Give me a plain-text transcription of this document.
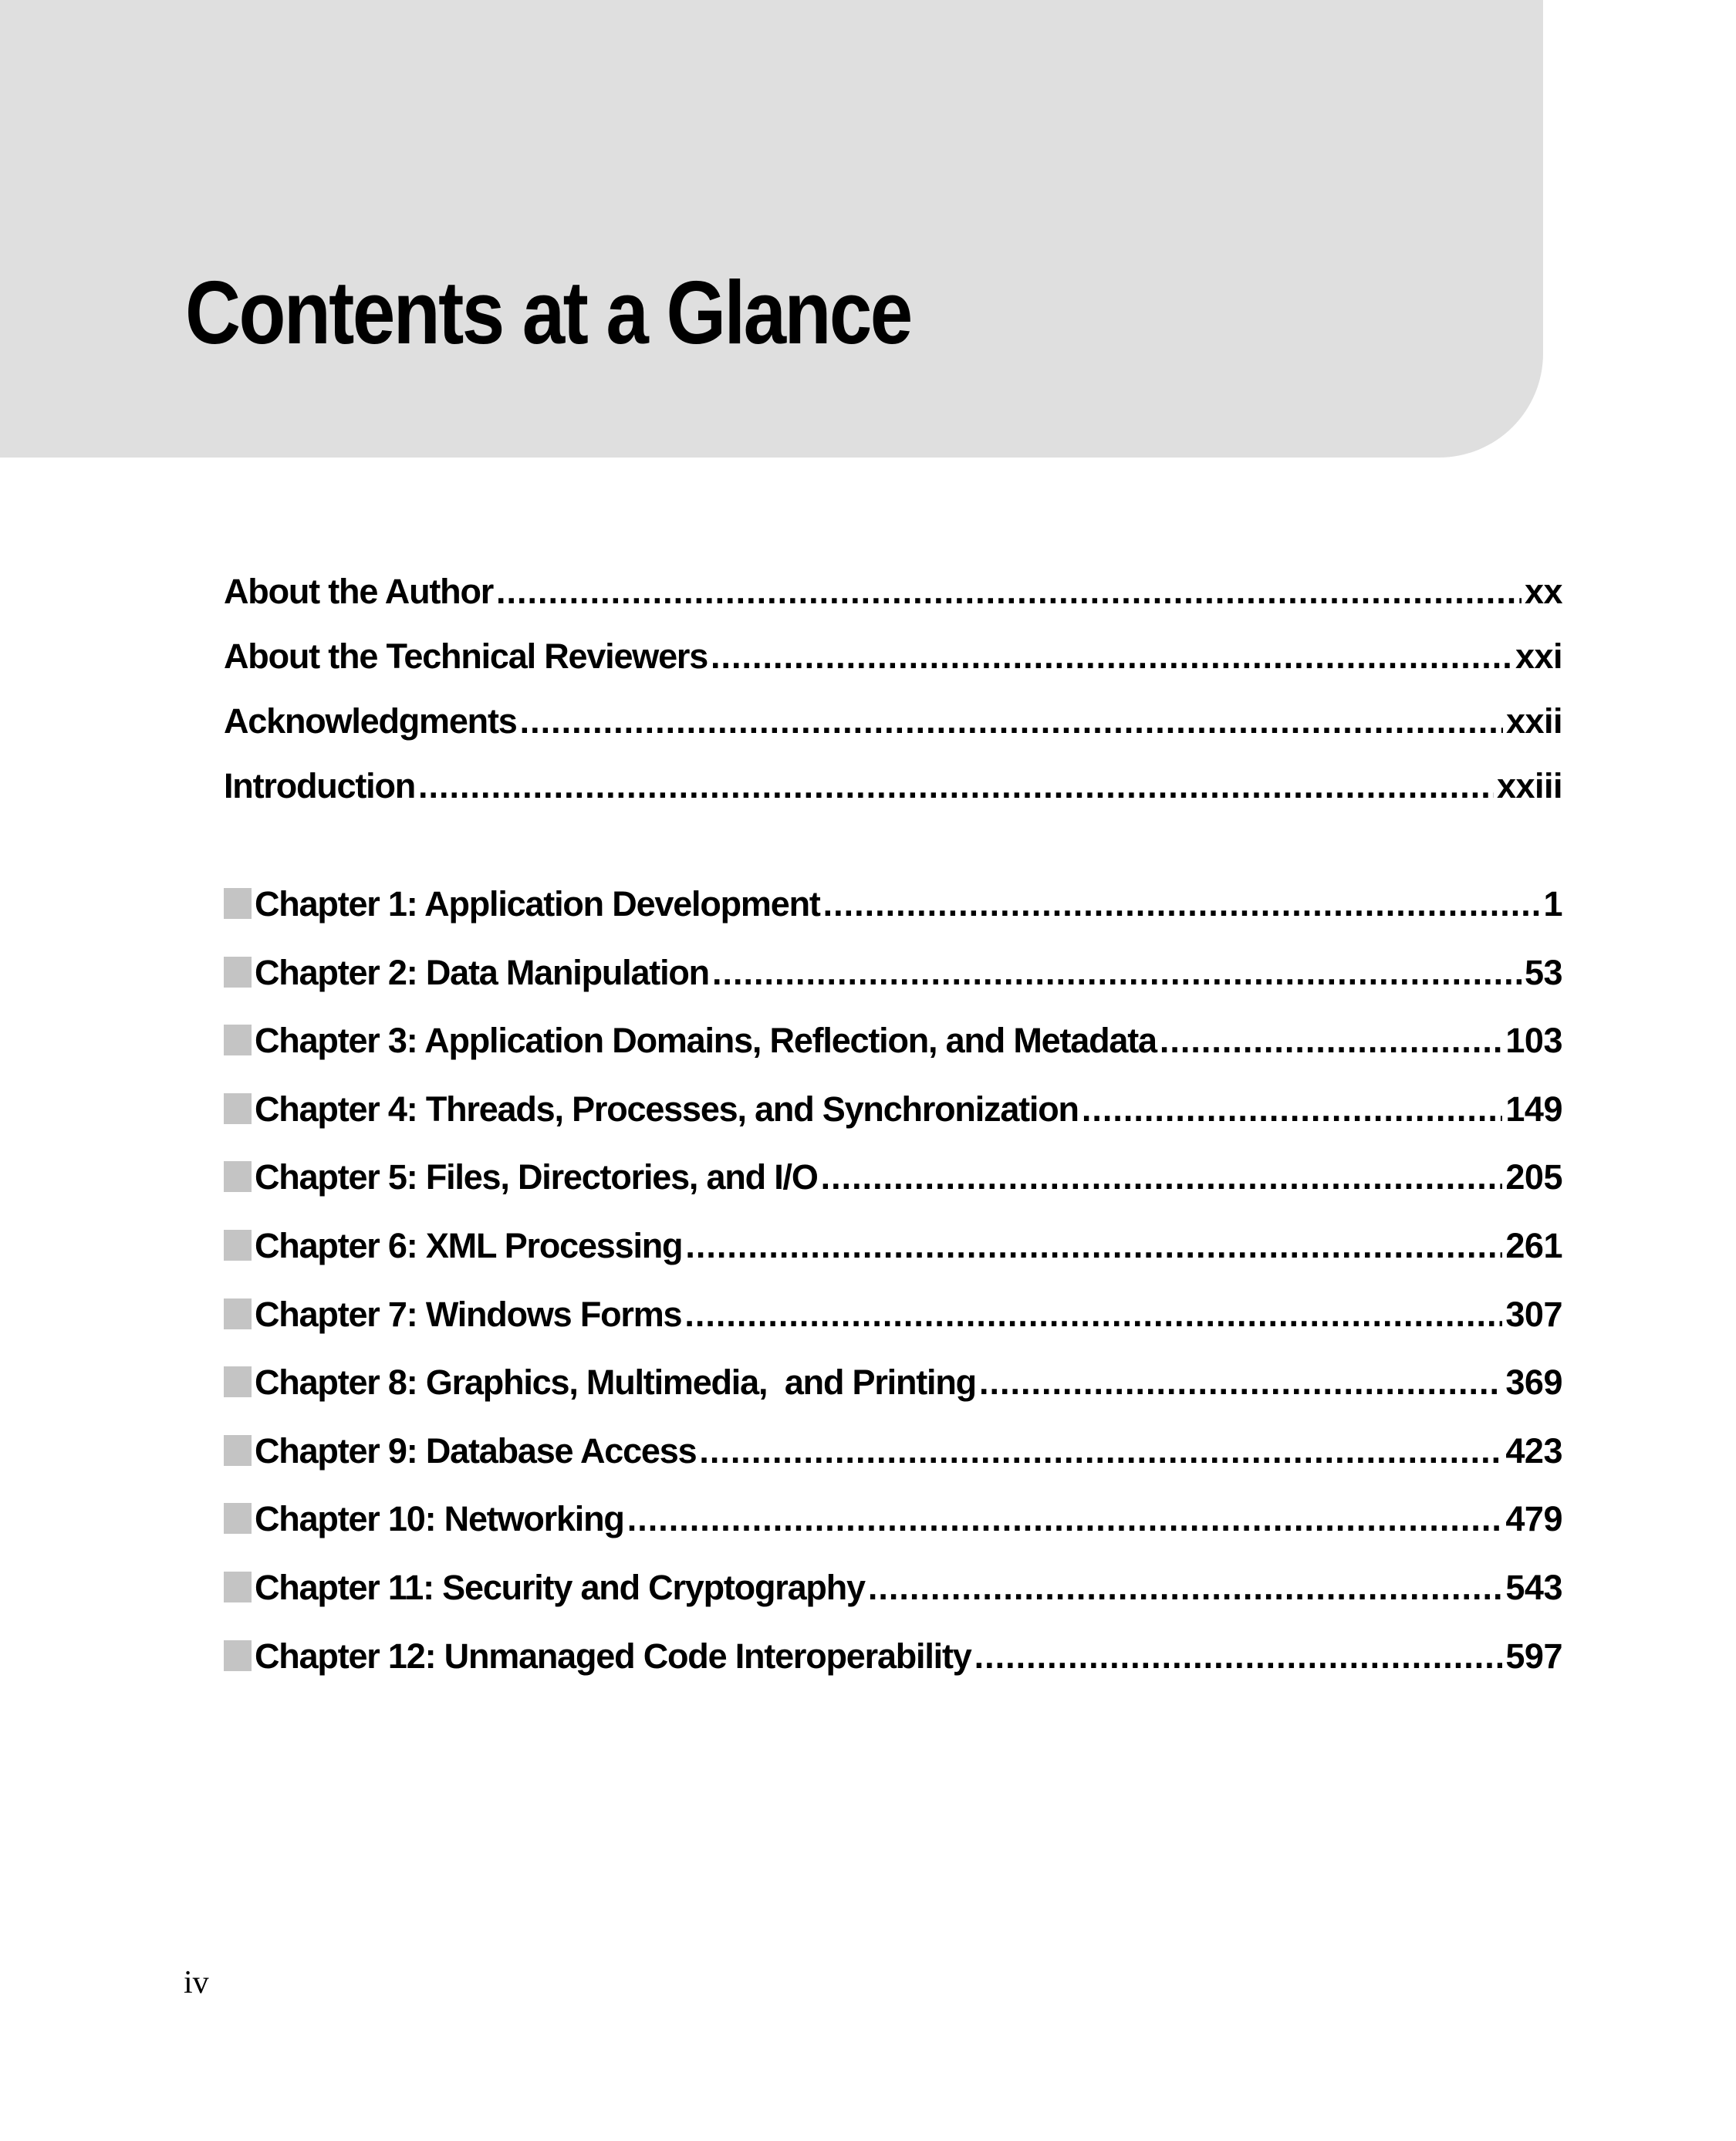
Contents at a Glance
About the Author .....	xx
About the Technical Reviewers .....	xxi
Acknowledgments .....	xxii
Introduction .....	xxiii
Chapter 1: Application Development .....	1
Chapter 2: Data Manipulation .....	53
Chapter 3: Application Domains, Reflection, and Metadata .....	103
Chapter 4: Threads, Processes, and Synchronization .....	149
Chapter 5: Files, Directories, and I/O .....	205
Chapter 6: XML Processing .....	261
Chapter 7: Windows Forms .....	307
Chapter 8: Graphics, Multimedia,  and Printing .....	369
Chapter 9: Database Access .....	423
Chapter 10: Networking .....	479
Chapter 11: Security and Cryptography .....	543
Chapter 12: Unmanaged Code Interoperability .....	597
iv
